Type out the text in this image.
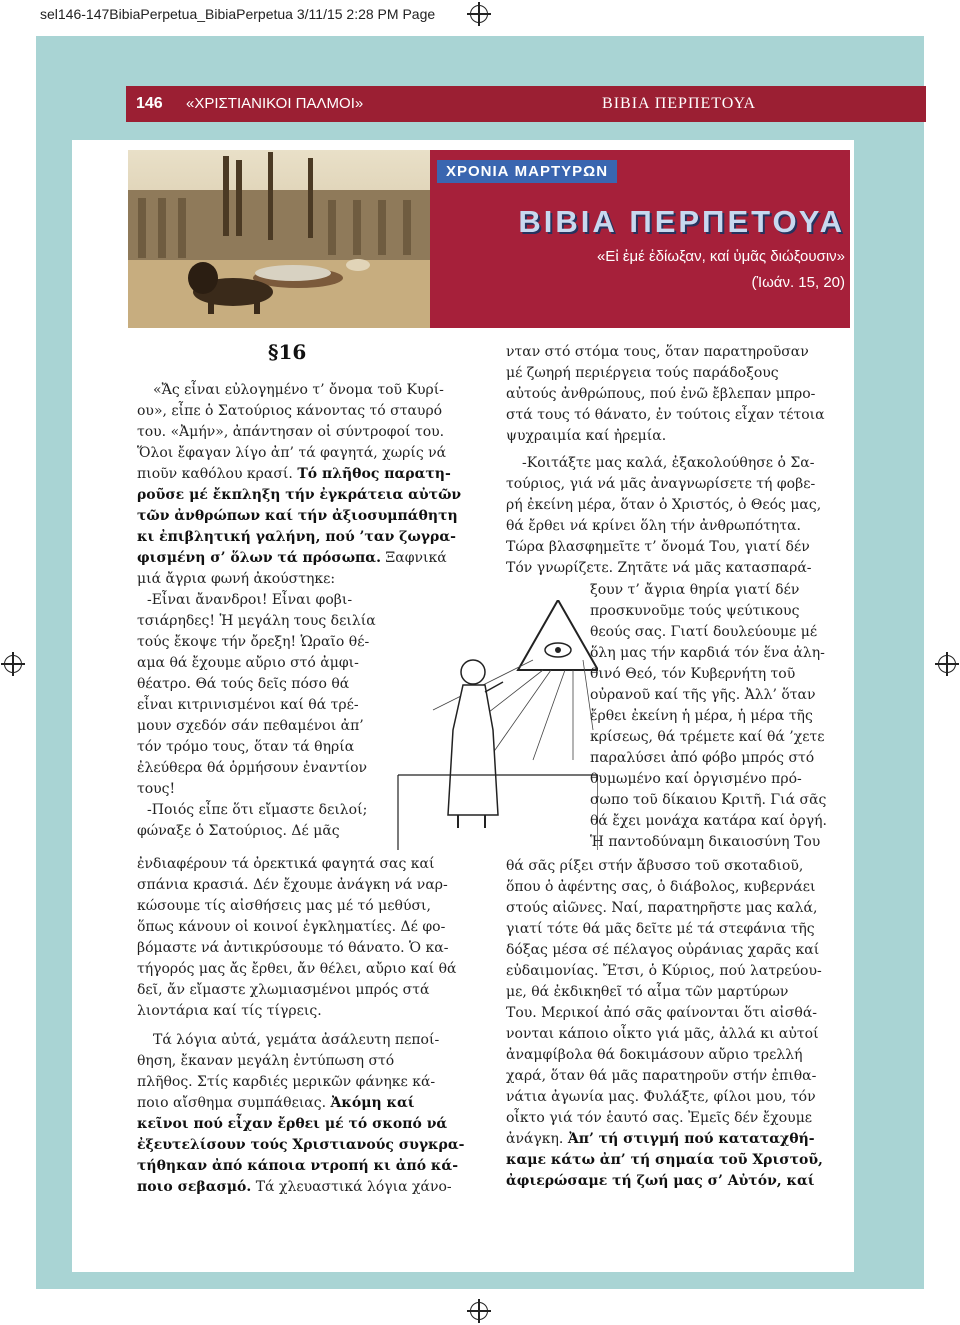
sel146-147BibiaPerpetua_BibiaPerpetua 3/11/15 2:28 PM Page
146 «ΧΡΙΣΤΙΑΝΙΚΟΙ ΠΑΛΜΟΙ»	ΒΙΒΙΑ ΠΕΡΠΕΤΟΥΑ
ΧΡΟΝΙΑ ΜΑΡΤΥΡΩΝ
ΒΙΒΙΑ ΠΕΡΠΕΤΟΥΑ
«Εἰ ἐμέ ἐδίωξαν, καί ὑμᾶς διώξουσιν»
(Ἰωάν. 15, 20)
§16
«Ἄς εἶναι εὐλογημένο τ’ ὄνομα τοῦ Κυρί-
ου», εἶπε ὁ Σατούριος κάνοντας τό σταυρό
του. «Ἀμήν», ἀπάντησαν οἱ σύντροφοί του.
Ὅλοι ἔφαγαν λίγο ἀπ’ τά φαγητά, χωρίς νά
πιοῦν καθόλου κρασί. Τό πλῆθος παρατη-
ροῦσε μέ ἔκπληξη τήν ἐγκράτεια αὐτῶν
τῶν ἀνθρώπων καί τήν ἀξιοσυμπάθητη
κι ἐπιβλητική γαλήνη, πού ’ταν ζωγρα-
φισμένη σ’ ὅλων τά πρόσωπα. Ξαφνικά
μιά ἄγρια φωνή ἀκούστηκε:
-Εἶναι ἄνανδροι! Εἶναι φοβι-
τσιάρηδες! Ἡ μεγάλη τους δειλία
τούς ἔκοψε τήν ὄρεξη! Ὡραῖο θέ-
αμα θά ἔχουμε αὔριο στό ἀμφι-
θέατρο. Θά τούς δεῖς πόσο θά
εἶναι κιτρινισμένοι καί θά τρέ-
μουν σχεδόν σάν πεθαμένοι ἀπ’
τόν τρόμο τους, ὅταν τά θηρία
ἐλεύθερα θά ὁρμήσουν ἐναντίον
τους!
-Ποιός εἶπε ὅτι εἴμαστε δειλοί;
φώναξε ὁ Σατούριος. Δέ μᾶς
ἐνδιαφέρουν τά ὀρεκτικά φαγητά σας καί
σπάνια κρασιά. Δέν ἔχουμε ἀνάγκη νά ναρ-
κώσουμε τίς αἰσθήσεις μας μέ τό μεθύσι,
ὅπως κάνουν οἱ κοινοί ἐγκληματίες. Δέ φο-
βόμαστε νά ἀντικρύσουμε τό θάνατο. Ὁ κα-
τήγορός μας ἄς ἔρθει, ἄν θέλει, αὔριο καί θά
δεῖ, ἄν εἴμαστε χλωμιασμένοι μπρός στά
λιοντάρια καί τίς τίγρεις.
Τά λόγια αὐτά, γεμάτα ἀσάλευτη πεποί-
θηση, ἔκαναν μεγάλη ἐντύπωση στό
πλῆθος. Στίς καρδιές μερικῶν φάνηκε κά-
ποιο αἴσθημα συμπάθειας. Ἀκόμη καί
κεῖνοι πού εἶχαν ἔρθει μέ τό σκοπό νά
ἐξευτελίσουν τούς Χριστιανούς συγκρα-
τήθηκαν ἀπό κάποια ντροπή κι ἀπό κά-
ποιο σεβασμό. Τά χλευαστικά λόγια χάνο-
νταν στό στόμα τους, ὅταν παρατηροῦσαν
μέ ζωηρή περιέργεια τούς παράδοξους
αὐτούς ἀνθρώπους, πού ἐνῶ ἔβλεπαν μπρο-
στά τους τό θάνατο, ἐν τούτοις εἶχαν τέτοια
ψυχραιμία καί ἠρεμία.
-Κοιτάξτε μας καλά, ἐξακολούθησε ὁ Σα-
τούριος, γιά νά μᾶς ἀναγνωρίσετε τή φοβε-
ρή ἐκείνη μέρα, ὅταν ὁ Χριστός, ὁ Θεός μας,
θά ἔρθει νά κρίνει ὅλη τήν ἀνθρωπότητα.
Τώρα βλασφημεῖτε τ’ ὄνομά Του, γιατί δέν
Τόν γνωρίζετε. Ζητᾶτε νά μᾶς κατασπαρά-
ξουν τ’ ἄγρια θηρία γιατί δέν
προσκυνοῦμε τούς ψεύτικους
θεούς σας. Γιατί δουλεύουμε μέ
ὅλη μας τήν καρδιά τόν ἕνα ἀλη-
θινό Θεό, τόν Κυβερνήτη τοῦ
οὐρανοῦ καί τῆς γῆς. Ἀλλ’ ὅταν
ἔρθει ἐκείνη ἡ μέρα, ἡ μέρα τῆς
κρίσεως, θά τρέμετε καί θά ’χετε
παραλύσει ἀπό φόβο μπρός στό
θυμωμένο καί ὀργισμένο πρό-
σωπο τοῦ δίκαιου Κριτῆ. Γιά σᾶς
θά ἔχει μονάχα κατάρα καί ὀργή.
Ἡ παντοδύναμη δικαιοσύνη Του
θά σᾶς ρίξει στήν ἄβυσσο τοῦ σκοταδιοῦ,
ὅπου ὁ ἀφέντης σας, ὁ διάβολος, κυβερνάει
στούς αἰῶνες. Ναί, παρατηρῆστε μας καλά,
γιατί τότε θά μᾶς δεῖτε μέ τά στεφάνια τῆς
δόξας μέσα σέ πέλαγος οὐράνιας χαρᾶς καί
εὐδαιμονίας. Ἔτσι, ὁ Κύριος, πού λατρεύου-
με, θά ἐκδικηθεῖ τό αἷμα τῶν μαρτύρων
Του. Μερικοί ἀπό σᾶς φαίνονται ὅτι αἰσθά-
νονται κάποιο οἶκτο γιά μᾶς, ἀλλά κι αὐτοί
ἀναμφίβολα θά δοκιμάσουν αὔριο τρελλή
χαρά, ὅταν θά μᾶς παρατηροῦν στήν ἐπιθα-
νάτια ἀγωνία μας. Φυλάξτε, φίλοι μου, τόν
οἶκτο γιά τόν ἑαυτό σας. Ἐμεῖς δέν ἔχουμε
ἀνάγκη. Ἀπ’ τή στιγμή πού καταταχθή-
καμε κάτω ἀπ’ τή σημαία τοῦ Χριστοῦ,
ἀφιερώσαμε τή ζωή μας σ’ Αὐτόν, καί
